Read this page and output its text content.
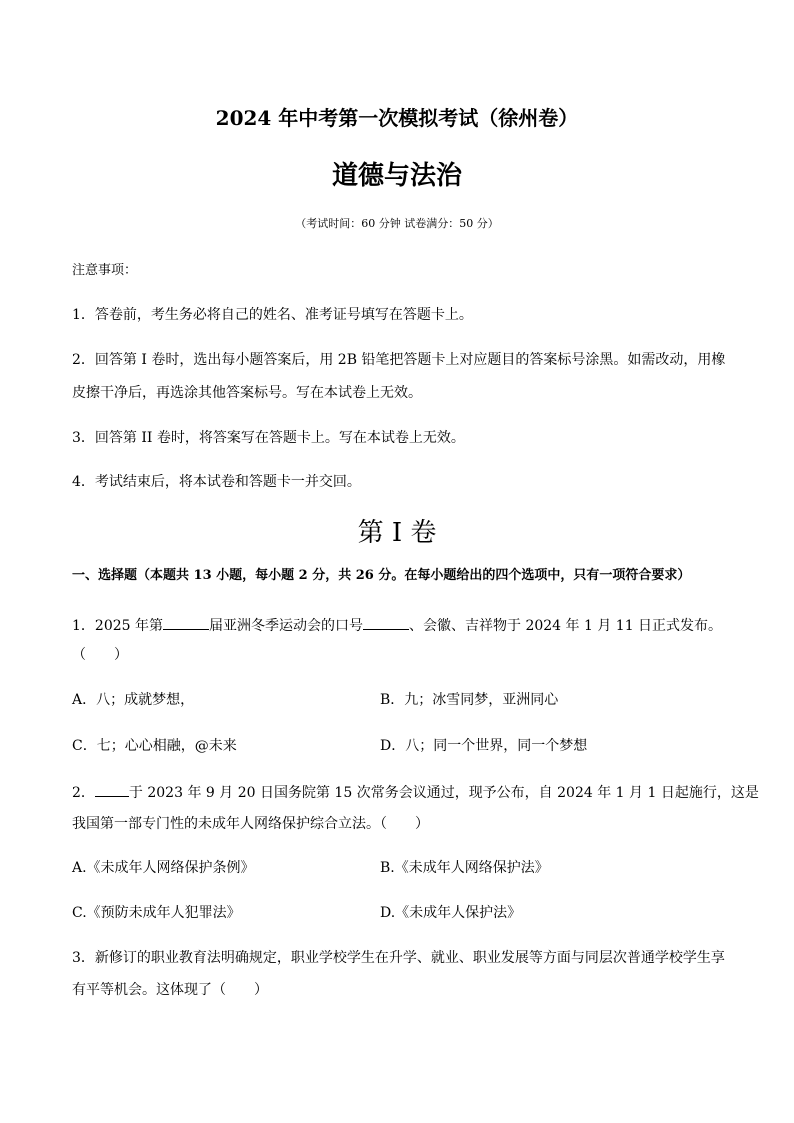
2024 年中考第一次模拟考试（徐州卷）
道德与法治
（考试时间：60 分钟 试卷满分：50 分）
注意事项：
1．答卷前，考生务必将自己的姓名、准考证号填写在答题卡上。
2．回答第 I 卷时，选出每小题答案后，用 2B 铅笔把答题卡上对应题目的答案标号涂黑。如需改动，用橡
皮擦干净后，再选涂其他答案标号。写在本试卷上无效。
3．回答第 II 卷时，将答案写在答题卡上。写在本试卷上无效。
4．考试结束后，将本试卷和答题卡一并交回。
第 I 卷
一、选择题（本题共 13 小题，每小题 2 分，共 26 分。在每小题给出的四个选项中，只有一项符合要求）
1．2025 年第	届亚洲冬季运动会的口号	、会徽、吉祥物于 2024 年 1 月 11 日正式发布。
（　　）
A．八；成就梦想，	B．九；冰雪同梦，亚洲同心
C．七；心心相融，@未来	D．八；同一个世界，同一个梦想
2． 于 2023 年 9 月 20 日国务院第 15 次常务会议通过，现予公布，自 2024 年 1 月 1 日起施行，这是
我国第一部专门性的未成年人网络保护综合立法。（　　）
A.《未成年人网络保护条例》	B.《未成年人网络保护法》
C.《预防未成年人犯罪法》	D.《未成年人保护法》
3．新修订的职业教育法明确规定，职业学校学生在升学、就业、职业发展等方面与同层次普通学校学生享
有平等机会。这体现了（　　）
